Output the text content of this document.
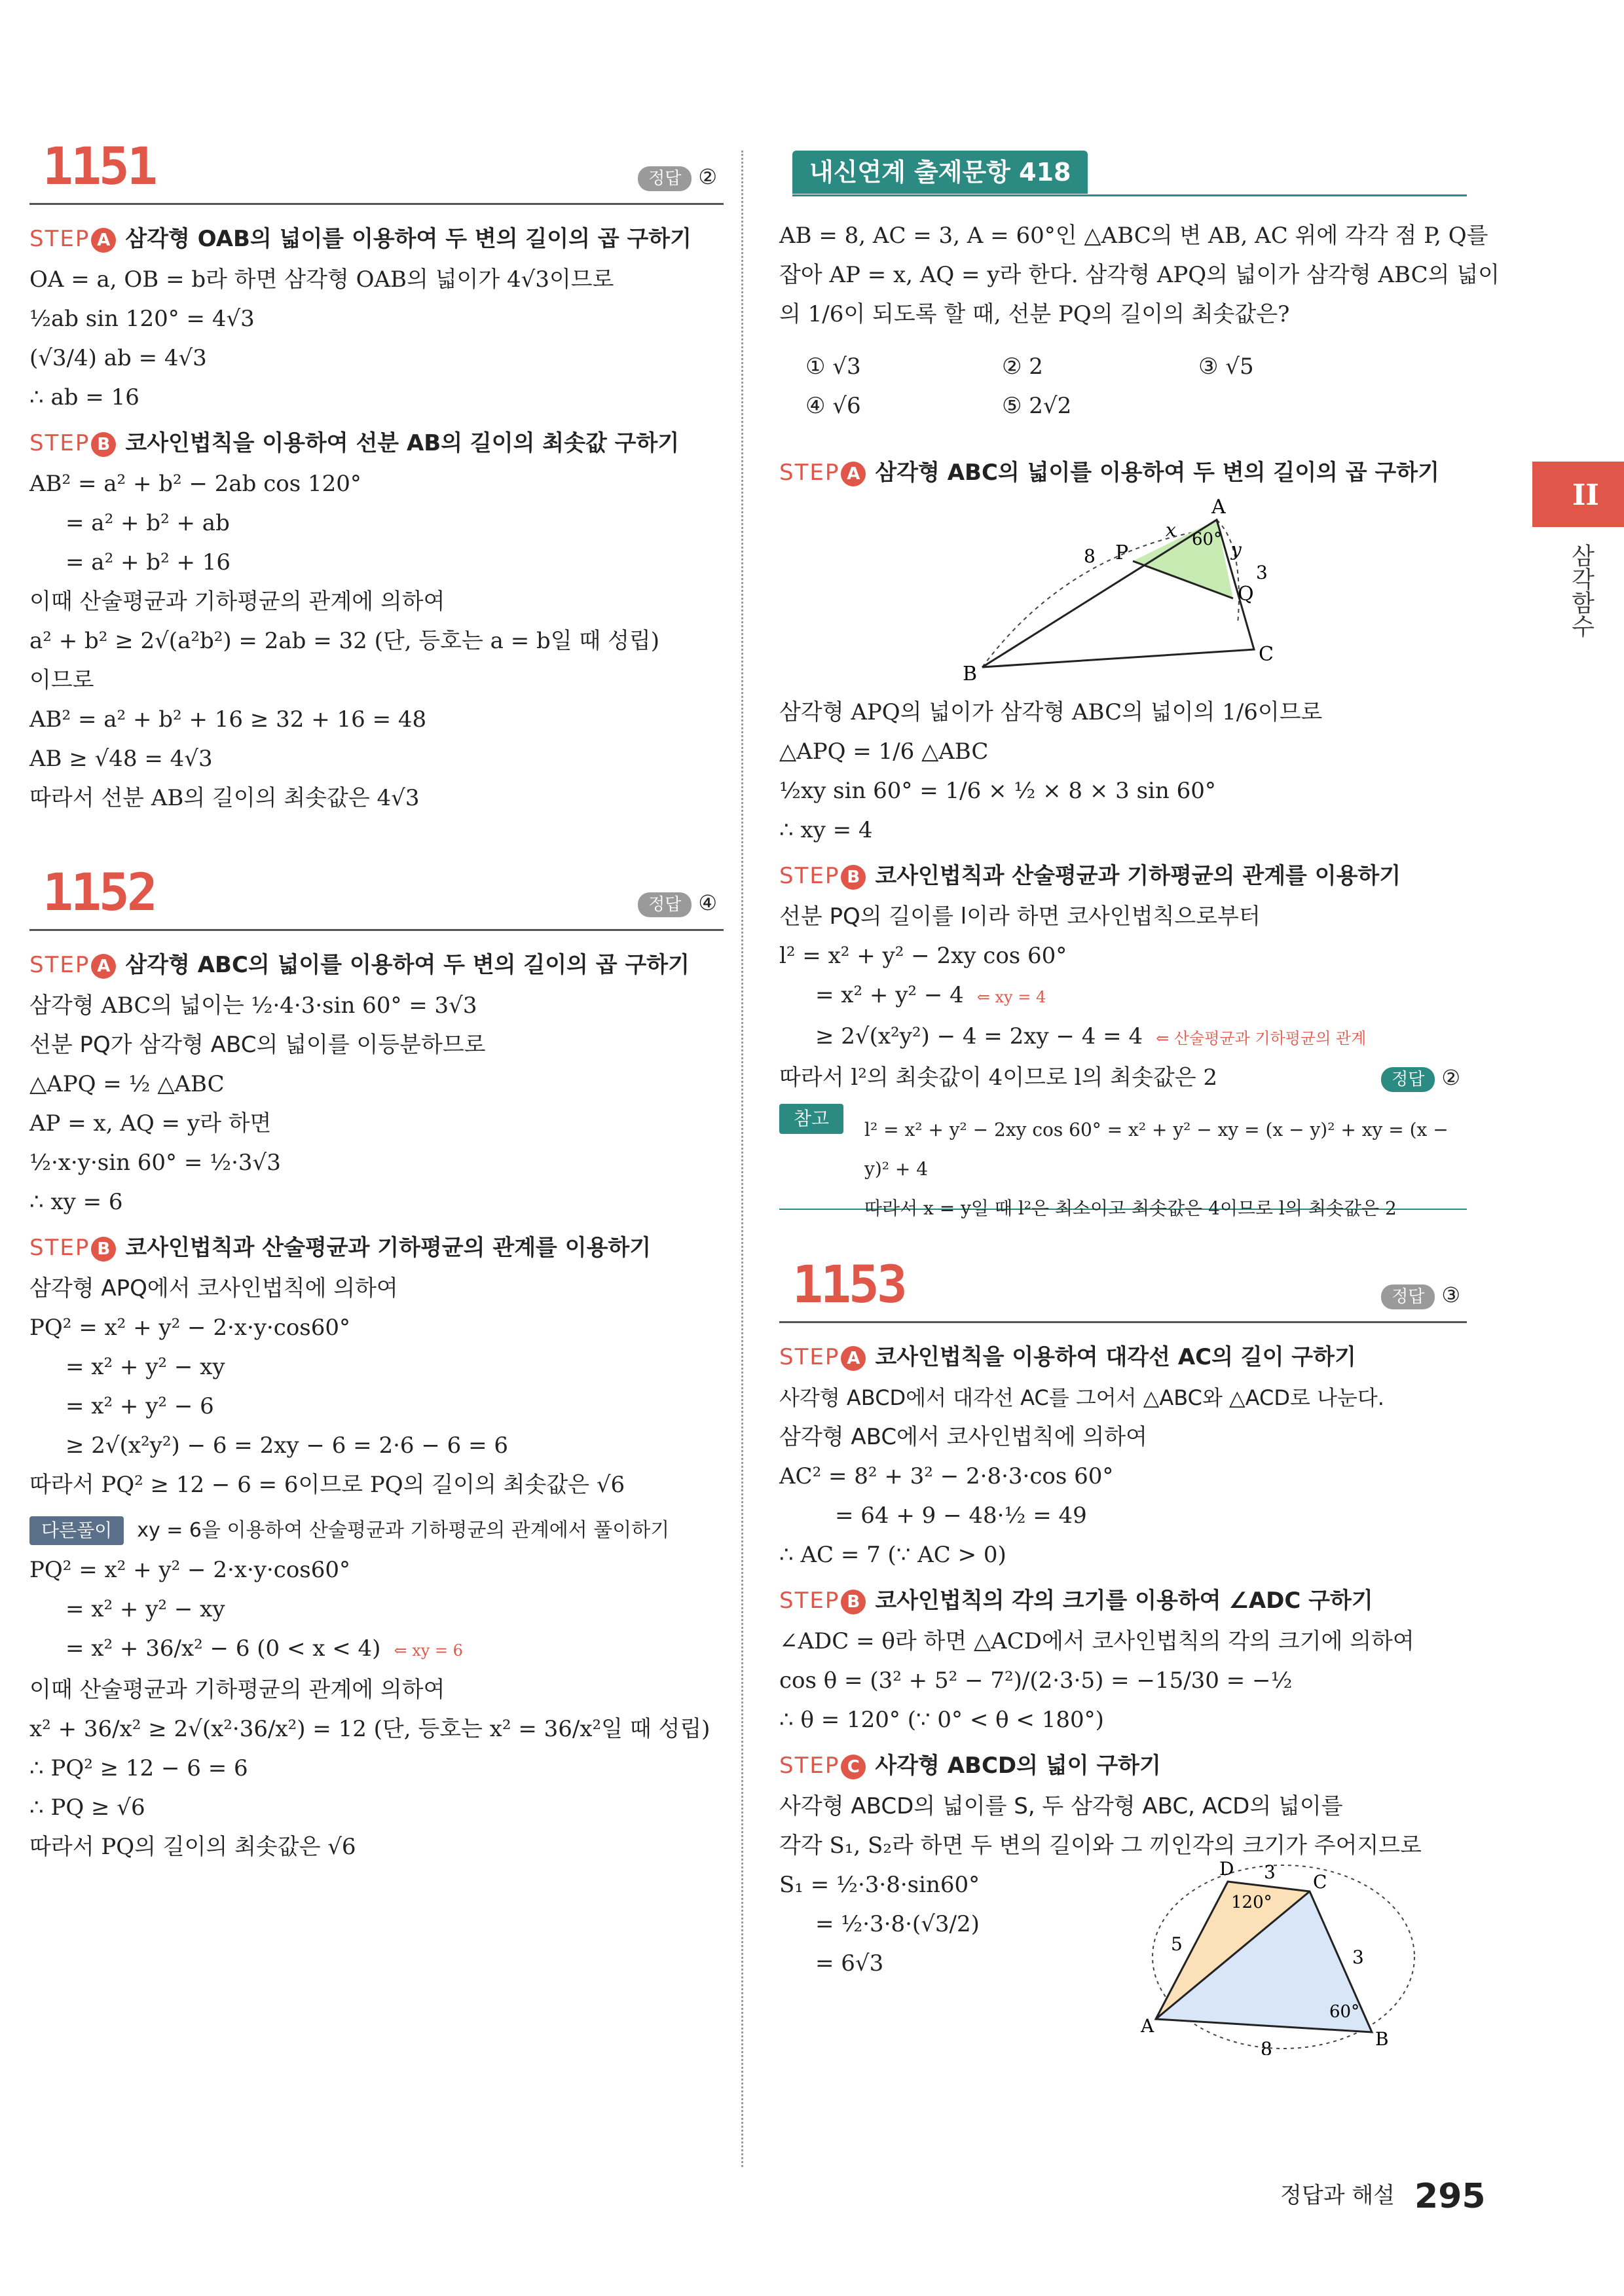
II
삼각함수
1151	정답 ②
STEP A 삼각형 OAB의 넓이를 이용하여 두 변의 길이의 곱 구하기
OA = a, OB = b라 하면 삼각형 OAB의 넓이가 4√3이므로
½ab sin 120° = 4√3
(√3/4) ab = 4√3
∴ ab = 16
STEP B 코사인법칙을 이용하여 선분 AB의 길이의 최솟값 구하기
AB² = a² + b² − 2ab cos 120°
= a² + b² + ab
= a² + b² + 16
이때 산술평균과 기하평균의 관계에 의하여
a² + b² ≥ 2√(a²b²) = 2ab = 32 (단, 등호는 a = b일 때 성립)
이므로
AB² = a² + b² + 16 ≥ 32 + 16 = 48
AB ≥ √48 = 4√3
따라서 선분 AB의 길이의 최솟값은 4√3
1152	정답 ④
STEP A 삼각형 ABC의 넓이를 이용하여 두 변의 길이의 곱 구하기
삼각형 ABC의 넓이는 ½·4·3·sin 60° = 3√3
선분 PQ가 삼각형 ABC의 넓이를 이등분하므로
△APQ = ½ △ABC
AP = x, AQ = y라 하면
½·x·y·sin 60° = ½·3√3
∴ xy = 6
STEP B 코사인법칙과 산술평균과 기하평균의 관계를 이용하기
삼각형 APQ에서 코사인법칙에 의하여
PQ² = x² + y² − 2·x·y·cos60°
= x² + y² − xy
= x² + y² − 6
≥ 2√(x²y²) − 6 = 2xy − 6 = 2·6 − 6 = 6
따라서 PQ² ≥ 12 − 6 = 6이므로 PQ의 길이의 최솟값은 √6
다른풀이 xy = 6을 이용하여 산술평균과 기하평균의 관계에서 풀이하기
PQ² = x² + y² − 2·x·y·cos60°
= x² + y² − xy
= x² + 36/x² − 6 (0 < x < 4) ⇐ xy = 6
이때 산술평균과 기하평균의 관계에 의하여
x² + 36/x² ≥ 2√(x²·36/x²) = 12 (단, 등호는 x² = 36/x²일 때 성립)
∴ PQ² ≥ 12 − 6 = 6
∴ PQ ≥ √6
따라서 PQ의 길이의 최솟값은 √6
내신연계 출제문항 418
AB = 8, AC = 3, A = 60°인 △ABC의 변 AB, AC 위에 각각 점 P, Q를
잡아 AP = x, AQ = y라 한다. 삼각형 APQ의 넓이가 삼각형 ABC의 넓이
의 1/6이 되도록 할 때, 선분 PQ의 길이의 최솟값은?
① √3	② 2	③ √5
④ √6	⑤ 2√2
STEP A 삼각형 ABC의 넓이를 이용하여 두 변의 길이의 곱 구하기
A
B
C
P
Q
x
y
8
3
60°
삼각형 APQ의 넓이가 삼각형 ABC의 넓이의 1/6이므로
△APQ = 1/6 △ABC
½xy sin 60° = 1/6 × ½ × 8 × 3 sin 60°
∴ xy = 4
STEP B 코사인법칙과 산술평균과 기하평균의 관계를 이용하기
선분 PQ의 길이를 l이라 하면 코사인법칙으로부터
l² = x² + y² − 2xy cos 60°
= x² + y² − 4 ⇐ xy = 4
≥ 2√(x²y²) − 4 = 2xy − 4 = 4 ⇐ 산술평균과 기하평균의 관계
따라서 l²의 최솟값이 4이므로 l의 최솟값은 2	정답 ②
참고
l² = x² + y² − 2xy cos 60° = x² + y² − xy = (x − y)² + xy = (x − y)² + 4
따라서 x = y일 때 l²은 최소이고 최솟값은 4이므로 l의 최솟값은 2
1153	정답 ③
STEP A 코사인법칙을 이용하여 대각선 AC의 길이 구하기
사각형 ABCD에서 대각선 AC를 그어서 △ABC와 △ACD로 나눈다.
삼각형 ABC에서 코사인법칙에 의하여
AC² = 8² + 3² − 2·8·3·cos 60°
= 64 + 9 − 48·½ = 49
∴ AC = 7 (∵ AC > 0)
STEP B 코사인법칙의 각의 크기를 이용하여 ∠ADC 구하기
∠ADC = θ라 하면 △ACD에서 코사인법칙의 각의 크기에 의하여
cos θ = (3² + 5² − 7²)/(2·3·5) = −15/30 = −½
∴ θ = 120° (∵ 0° < θ < 180°)
STEP C 사각형 ABCD의 넓이 구하기
사각형 ABCD의 넓이를 S, 두 삼각형 ABC, ACD의 넓이를
각각 S₁, S₂라 하면 두 변의 길이와 그 끼인각의 크기가 주어지므로
S₁ = ½·3·8·sin60°
= ½·3·8·(√3/2)
= 6√3
A
B
C
D 3
5
3
8
120°
60°
정답과 해설 295
